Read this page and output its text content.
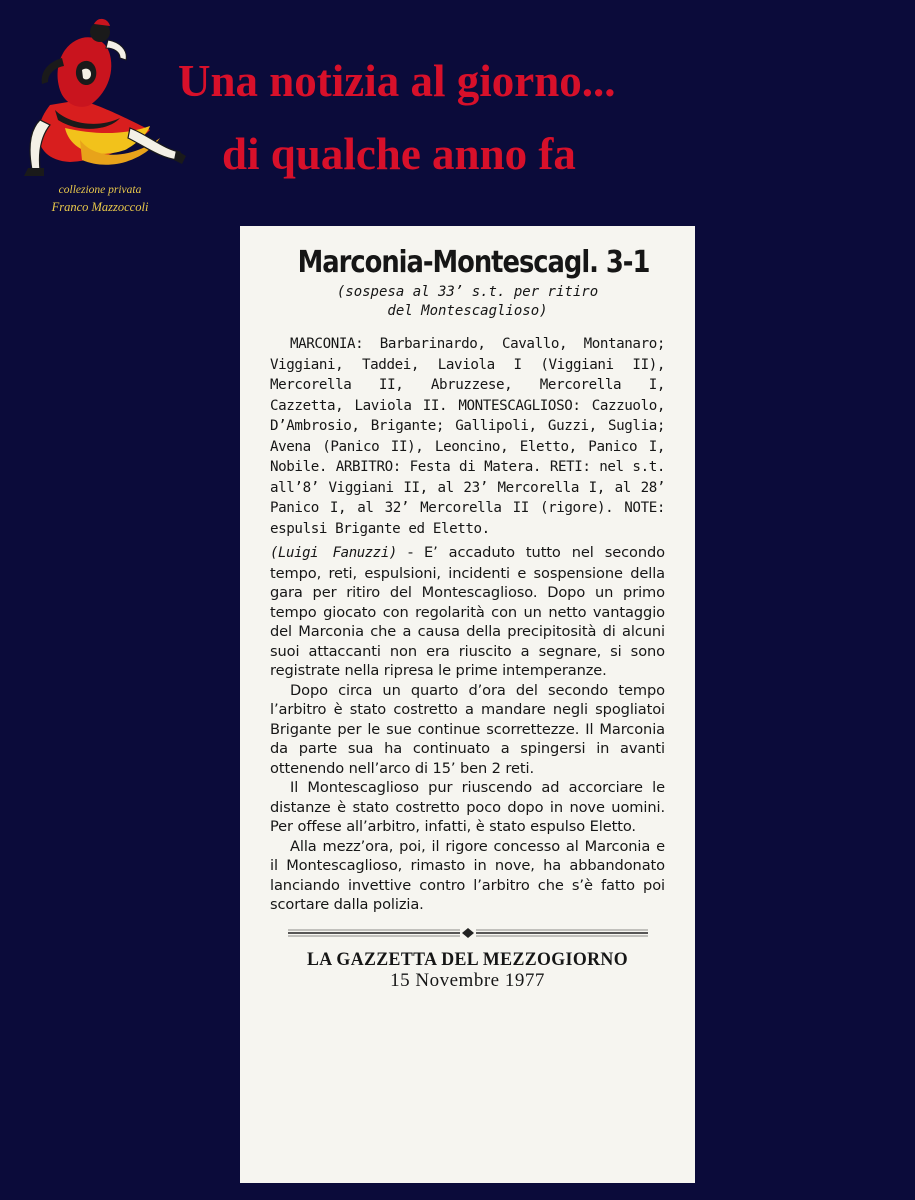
collezione privata
Franco Mazzoccoli
Una notizia al giorno...
di qualche anno fa
Marconia-Montescagl. 3-1
(sospesa al 33’ s.t. per ritiro
del Montescaglioso)

MARCONIA: Barbarinardo, Cavallo, Montanaro; Viggiani, Taddei, Laviola I (Viggiani II), Mercorella II, Abruzzese, Mercorella I, Cazzetta, Laviola II. MONTESCAGLIOSO: Cazzuolo, D’Ambrosio, Brigante; Gallipoli, Guzzi, Suglia; Avena (Panico II), Leoncino, Eletto, Panico I, Nobile. ARBITRO: Festa di Matera. RETI: nel s.t. all’8’ Viggiani II, al 23’ Mercorella I, al 28’ Panico I, al 32’ Mercorella II (rigore). NOTE: espulsi Brigante ed Eletto.

(Luigi Fanuzzi) - E’ accaduto tutto nel secondo tempo, reti, espulsioni, incidenti e sospensione della gara per ritiro del Montescaglioso. Dopo un primo tempo giocato con regolarità con un netto vantaggio del Marconia che a causa della precipitosità di alcuni suoi attaccanti non era riuscito a segnare, si sono registrate nella ripresa le prime intemperanze.

Dopo circa un quarto d’ora del secondo tempo l’arbitro è stato costretto a mandare negli spogliatoi Brigante per le sue continue scorrettezze. Il Marconia da parte sua ha continuato a spingersi in avanti ottenendo nell’arco di 15’ ben 2 reti.

Il Montescaglioso pur riuscendo ad accorciare le distanze è stato costretto poco dopo in nove uomini. Per offese all’arbitro, infatti, è stato espulso Eletto.

Alla mezz’ora, poi, il rigore concesso al Marconia e il Montescaglioso, rimasto in nove, ha abbandonato lanciando invettive contro l’arbitro che s’è fatto poi scortare dalla polizia.

LA GAZZETTA DEL MEZZOGIORNO
15 Novembre 1977
